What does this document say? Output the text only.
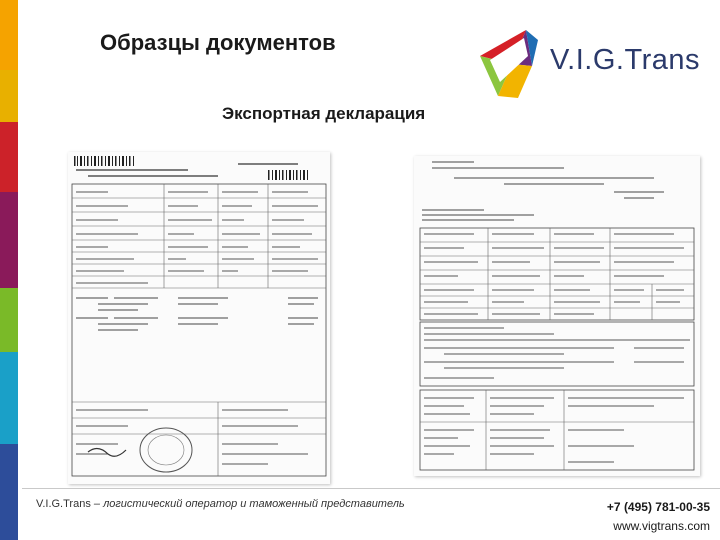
Образцы документов
V.I.G.Trans
Экспортная декларация
V.I.G.Trans – логистический оператор и таможенный представитель	+7 (495) 781-00-35
www.vigtrans.com
